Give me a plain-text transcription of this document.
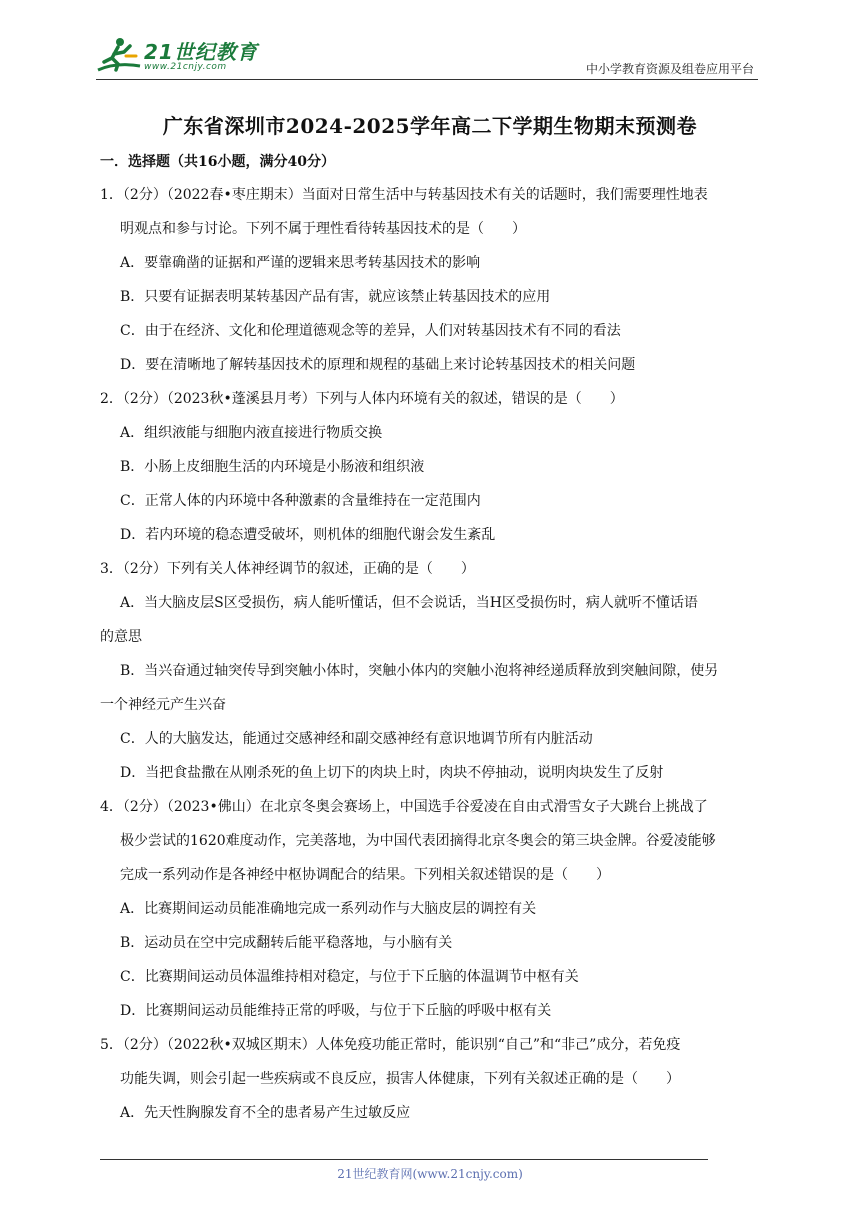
21世纪教育
www.21cnjy.com	中小学教育资源及组卷应用平台
广东省深圳市2024-2025学年高二下学期生物期末预测卷
一．选择题（共16小题，满分40分）
1．（2分）（2022春•枣庄期末）当面对日常生活中与转基因技术有关的话题时，我们需要理性地表
明观点和参与讨论。下列不属于理性看待转基因技术的是（　　）
A．要靠确凿的证据和严谨的逻辑来思考转基因技术的影响
B．只要有证据表明某转基因产品有害，就应该禁止转基因技术的应用
C．由于在经济、文化和伦理道德观念等的差异，人们对转基因技术有不同的看法
D．要在清晰地了解转基因技术的原理和规程的基础上来讨论转基因技术的相关问题
2．（2分）（2023秋•蓬溪县月考）下列与人体内环境有关的叙述，错误的是（　　）
A．组织液能与细胞内液直接进行物质交换
B．小肠上皮细胞生活的内环境是小肠液和组织液
C．正常人体的内环境中各种激素的含量维持在一定范围内
D．若内环境的稳态遭受破坏，则机体的细胞代谢会发生紊乱
3．（2分）下列有关人体神经调节的叙述，正确的是（　　）
A．当大脑皮层S区受损伤，病人能听懂话，但不会说话，当H区受损伤时，病人就听不懂话语
的意思
B．当兴奋通过轴突传导到突触小体时，突触小体内的突触小泡将神经递质释放到突触间隙，使另
一个神经元产生兴奋
C．人的大脑发达，能通过交感神经和副交感神经有意识地调节所有内脏活动
D．当把食盐撒在从刚杀死的鱼上切下的肉块上时，肉块不停抽动，说明肉块发生了反射
4．（2分）（2023•佛山）在北京冬奥会赛场上，中国选手谷爱凌在自由式滑雪女子大跳台上挑战了
极少尝试的1620难度动作，完美落地，为中国代表团摘得北京冬奥会的第三块金牌。谷爱凌能够
完成一系列动作是各神经中枢协调配合的结果。下列相关叙述错误的是（　　）
A．比赛期间运动员能准确地完成一系列动作与大脑皮层的调控有关
B．运动员在空中完成翻转后能平稳落地，与小脑有关
C．比赛期间运动员体温维持相对稳定，与位于下丘脑的体温调节中枢有关
D．比赛期间运动员能维持正常的呼吸，与位于下丘脑的呼吸中枢有关
5．（2分）（2022秋•双城区期末）人体免疫功能正常时，能识别“自己”和“非己”成分，若免疫
功能失调，则会引起一些疾病或不良反应，损害人体健康，下列有关叙述正确的是（　　）
A．先天性胸腺发育不全的患者易产生过敏反应
21世纪教育网(www.21cnjy.com)
